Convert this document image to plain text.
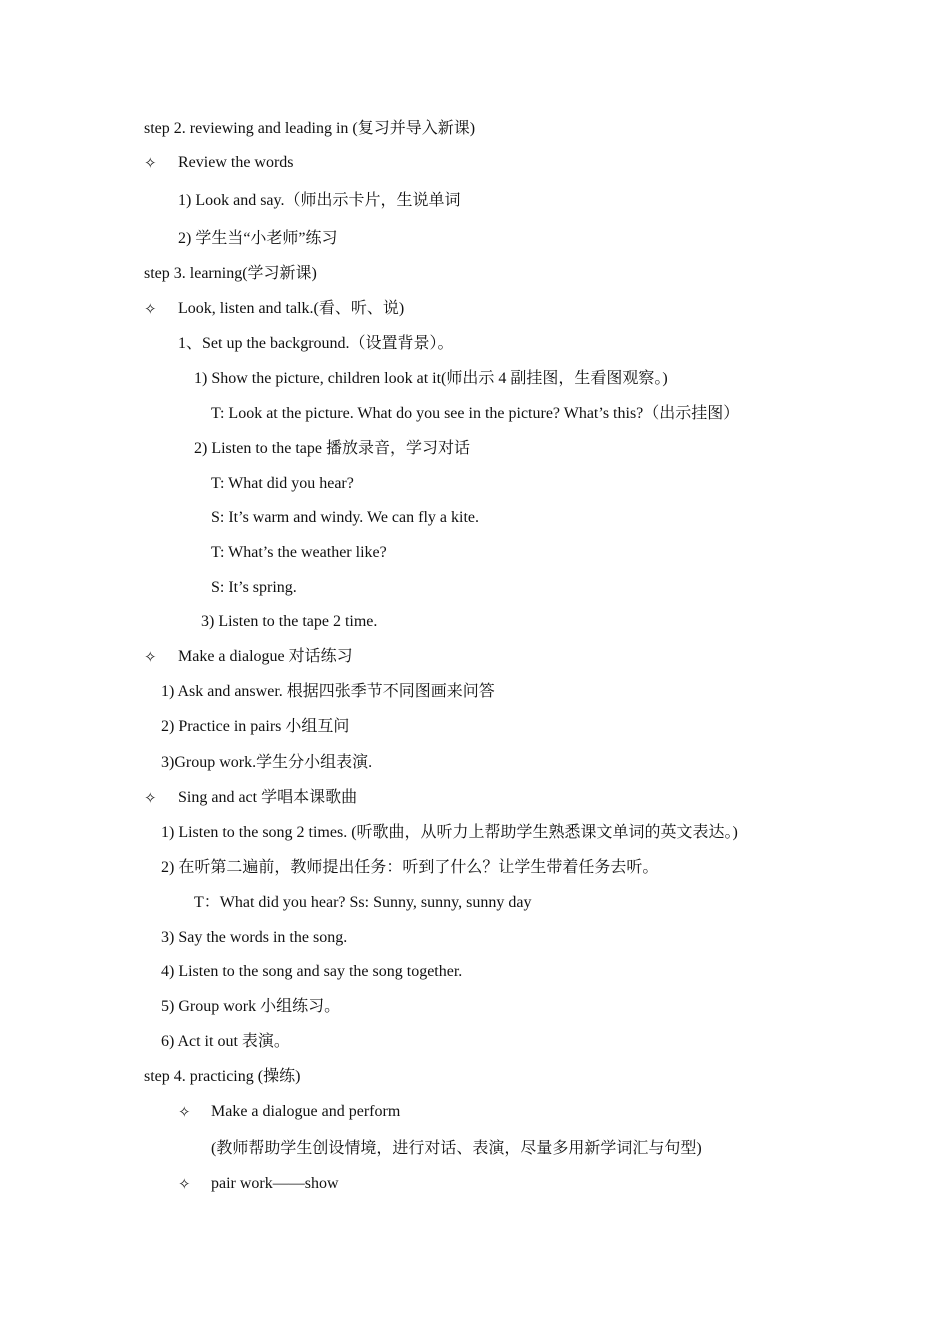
step 2. reviewing and leading in (复习并导入新课)
✧ Review the words
1) Look and say.（师出示卡片，生说单词
2) 学生当“小老师”练习
step 3. learning(学习新课)
✧ Look, listen and talk.(看、听、说)
1、Set up the background.（设置背景）。
1) Show the picture, children look at it(师出示 4 副挂图，生看图观察。)
T: Look at the picture. What do you see in the picture? What’s this?（出示挂图）
2) Listen to the tape 播放录音，学习对话
T: What did you hear?
S: It’s warm and windy. We can fly a kite.
T: What’s the weather like?
S: It’s spring.
3) Listen to the tape 2 time.
✧ Make a dialogue 对话练习
1) Ask and answer. 根据四张季节不同图画来问答
2) Practice in pairs 小组互问
3)Group work.学生分小组表演.
✧ Sing and act 学唱本课歌曲
1) Listen to the song 2 times. (听歌曲，从听力上帮助学生熟悉课文单词的英文表达。)
2) 在听第二遍前，教师提出任务：听到了什么？让学生带着任务去听。
T：What did you hear? Ss: Sunny, sunny, sunny day
3) Say the words in the song.
4) Listen to the song and say the song together.
5) Group work 小组练习。
6) Act it out 表演。
step 4. practicing (操练)
✧ Make a dialogue and perform
(教师帮助学生创设情境，进行对话、表演，尽量多用新学词汇与句型)
✧ pair work——show
